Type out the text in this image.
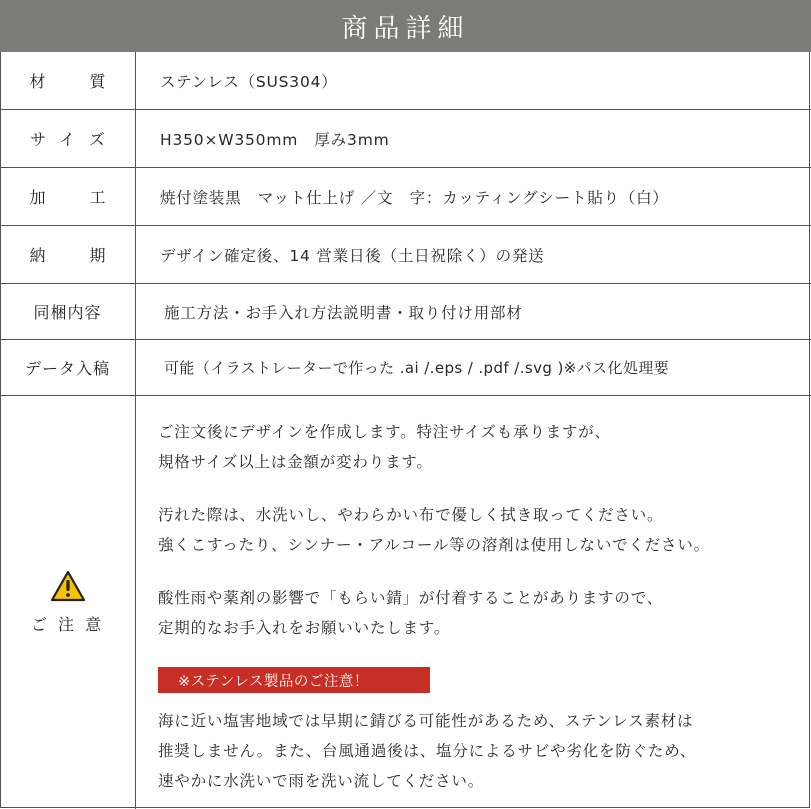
商品詳細
材　質	ステンレス（SUS304）
サイズ	H350×W350mm　厚み3mm
加　工	焼付塗装黒　マット仕上げ ／文　字：カッティングシート貼り（白）
納　期	デザイン確定後、14 営業日後（土日祝除く）の発送
同梱内容	施工方法・お手入れ方法説明書・取り付け用部材
データ入稿	可能（イラストレーターで作った .ai /.eps / .pdf /.svg )※パス化処理要
ご 注 意
ご注文後にデザインを作成します。特注サイズも承りますが、
規格サイズ以上は金額が変わります。
汚れた際は、水洗いし、やわらかい布で優しく拭き取ってください。
強くこすったり、シンナー・アルコール等の溶剤は使用しないでください。
酸性雨や薬剤の影響で「もらい錆」が付着することがありますので、
定期的なお手入れをお願いいたします。
※ステンレス製品のご注意！
海に近い塩害地域では早期に錆びる可能性があるため、ステンレス素材は
推奨しません。また、台風通過後は、塩分によるサビや劣化を防ぐため、
速やかに水洗いで雨を洗い流してください。
